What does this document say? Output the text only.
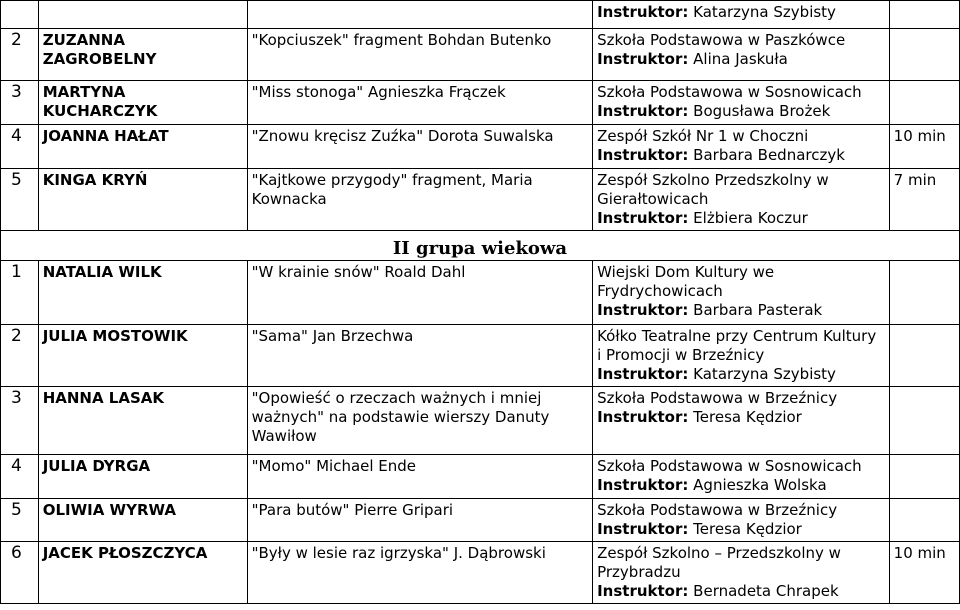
			Instruktor: Katarzyna Szybisty	

2	ZUZANNA ZAGROBELNY	"Kopciuszek" fragment Bohdan Butenko	Szkoła Podstawowa w Paszkówce
Instruktor: Alina Jaskuła	

3	MARTYNA KUCHARCZYK	"Miss stonoga" Agnieszka Frączek	Szkoła Podstawowa w Sosnowicach
Instruktor: Bogusława Brożek	

4	JOANNA HAŁAT	"Znowu kręcisz Zuźka" Dorota Suwalska	Zespół Szkół Nr 1 w Choczni
Instruktor: Barbara Bednarczyk	10 min
5	KINGA KRYŃ	"Kajtkowe przygody" fragment, Maria Kownacka	Zespół Szkolno Przedszkolny w Gierałtowicach
Instruktor: Elżbiera Koczur	7 min
II grupa wiekowa				
1	NATALIA WILK	"W krainie snów" Roald Dahl	Wiejski Dom Kultury we Frydrychowicach
Instruktor: Barbara Pasterak	

2	JULIA MOSTOWIK	"Sama" Jan Brzechwa	Kółko Teatralne przy Centrum Kultury i Promocji w Brzeźnicy
Instruktor: Katarzyna Szybisty	

3	HANNA LASAK	"Opowieść o rzeczach ważnych i mniej ważnych" na podstawie wierszy Danuty Wawiłow	Szkoła Podstawowa w Brzeźnicy
Instruktor: Teresa Kędzior	

4	JULIA DYRGA	"Momo" Michael Ende	Szkoła Podstawowa w Sosnowicach
Instruktor: Agnieszka Wolska	

5	OLIWIA WYRWA	"Para butów" Pierre Gripari	Szkoła Podstawowa w Brzeźnicy
Instruktor: Teresa Kędzior	

6	JACEK PŁOSZCZYCA	"Były w lesie raz igrzyska" J. Dąbrowski	Zespół Szkolno – Przedszkolny w Przybradzu
Instruktor: Bernadeta Chrapek	10 min
